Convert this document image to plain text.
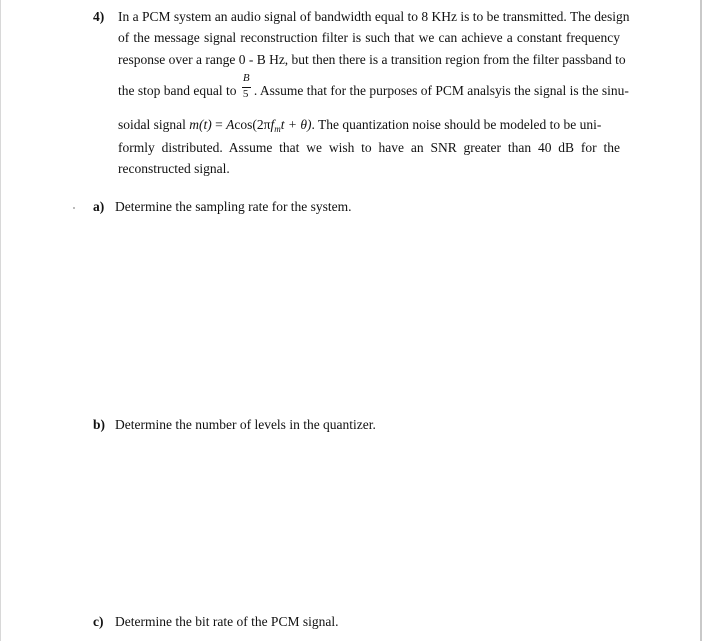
4) In a PCM system an audio signal of bandwidth equal to 8 KHz is to be transmitted. The design
of the message signal reconstruction filter is such that we can achieve a constant frequency
response over a range 0 - B Hz, but then there is a transition region from the filter passband to
the stop band equal to
B
5 . Assume that for the purposes of PCM analsyis the signal is the sinu-
soidal signal $m(t) = Acos(2\pi f_mt + \theta)$. The quantization noise should be modeled to be uni-
formly distributed. Assume that we wish to have an SNR greater than 40 dB for the
reconstructed signal.
a) Determine the sampling rate for the system.
b) Determine the number of levels in the quantizer.
c) Determine the bit rate of the PCM signal.
